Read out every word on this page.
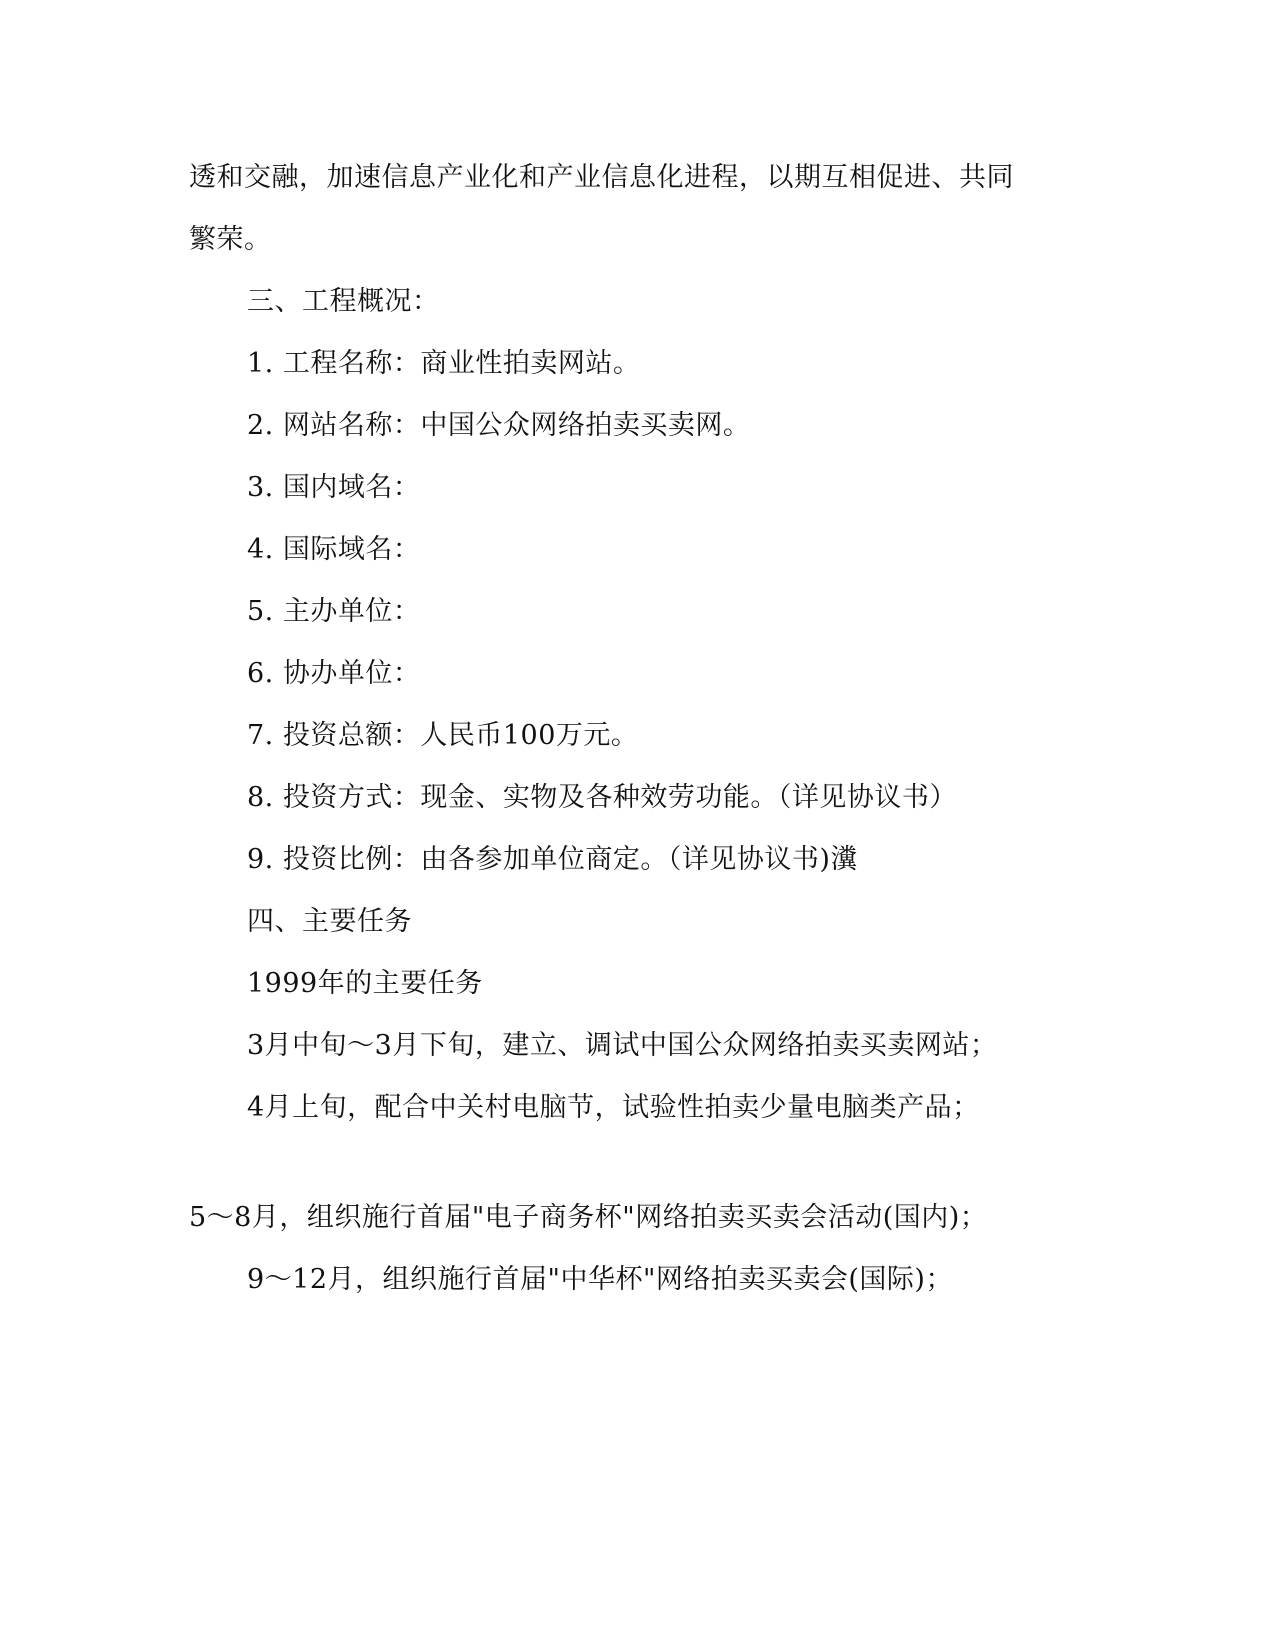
透和交融，加速信息产业化和产业信息化进程，以期互相促进、共同
繁荣。
三、工程概况：
1. 工程名称：商业性拍卖网站。
2. 网站名称：中国公众网络拍卖买卖网。
3. 国内域名：
4. 国际域名：
5. 主办单位：
6. 协办单位：
7. 投资总额：人民币100万元。
8. 投资方式：现金、实物及各种效劳功能。（详见协议书）
9. 投资比例：由各参加单位商定。（详见协议书)瀵
四、主要任务
1999年的主要任务
3月中旬～3月下旬，建立、调试中国公众网络拍卖买卖网站；
4月上旬，配合中关村电脑节，试验性拍卖少量电脑类产品；
5～8月，组织施行首届"电子商务杯"网络拍卖买卖会活动(国内)；
9～12月，组织施行首届"中华杯"网络拍卖买卖会(国际)；
